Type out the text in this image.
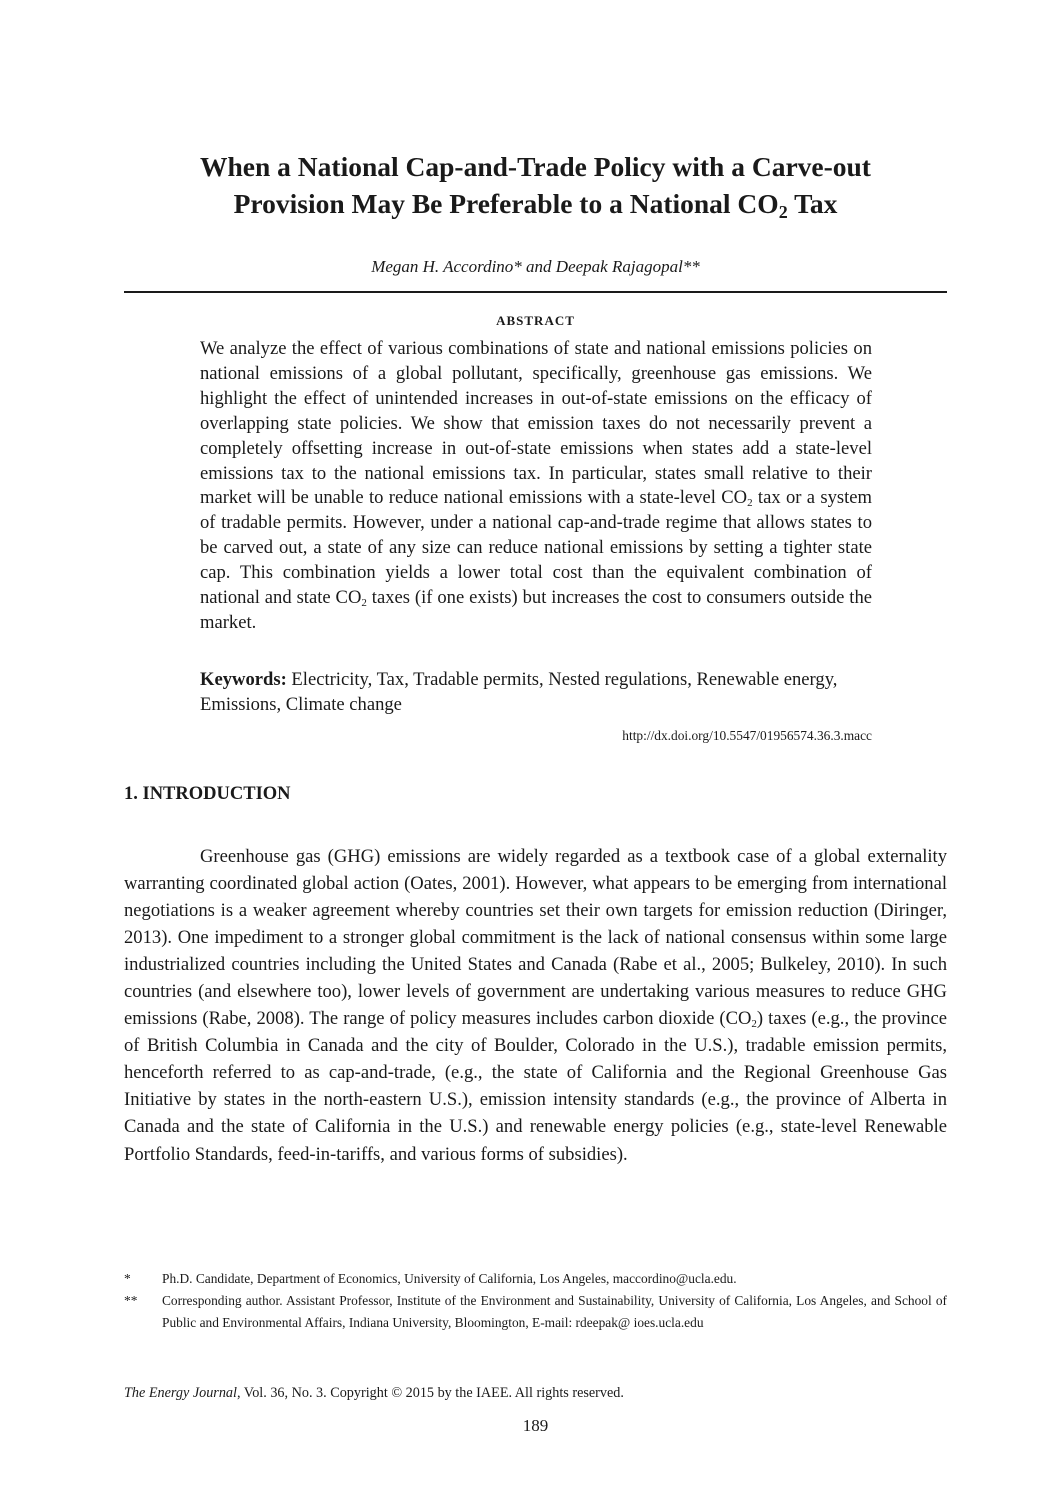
When a National Cap-and-Trade Policy with a Carve-out
Provision May Be Preferable to a National $CO_2$ Tax
Megan H. Accordino* and Deepak Rajagopal**
ABSTRACT

We analyze the effect of various combinations of state and national emissions policies on national emissions of a global pollutant, specifically, greenhouse gas emissions. We highlight the effect of unintended increases in out-of-state emissions on the efficacy of overlapping state policies. We show that emission taxes do not necessarily prevent a completely offsetting increase in out-of-state emissions when states add a state-level emissions tax to the national emissions tax. In particular, states small relative to their market will be unable to reduce national emissions with a state-level $CO_2$ tax or a system of tradable permits. However, under a national cap-and-trade regime that allows states to be carved out, a state of any size can reduce national emissions by setting a tighter state cap. This combination yields a lower total cost than the equivalent combination of national and state $CO_2$ taxes (if one exists) but increases the cost to consumers outside the market.

Keywords: Electricity, Tax, Tradable permits, Nested regulations, Renewable energy, Emissions, Climate change
http://dx.doi.org/10.5547/01956574.36.3.macc
1. INTRODUCTION

Greenhouse gas (GHG) emissions are widely regarded as a textbook case of a global externality warranting coordinated global action (Oates, 2001). However, what appears to be emerging from international negotiations is a weaker agreement whereby countries set their own targets for emission reduction (Diringer, 2013). One impediment to a stronger global commitment is the lack of national consensus within some large industrialized countries including the United States and Canada (Rabe et al., 2005; Bulkeley, 2010). In such countries (and elsewhere too), lower levels of government are undertaking various measures to reduce GHG emissions (Rabe, 2008). The range of policy measures includes carbon dioxide $(CO_2)$ taxes (e.g., the province of British Columbia in Canada and the city of Boulder, Colorado in the U.S.), tradable emission permits, henceforth referred to as cap-and-trade, (e.g., the state of California and the Regional Greenhouse Gas Initiative by states in the north-eastern U.S.), emission intensity standards (e.g., the province of Alberta in Canada and the state of California in the U.S.) and renewable energy policies (e.g., state-level Renewable Portfolio Standards, feed-in-tariffs, and various forms of subsidies).

*	Ph.D. Candidate, Department of Economics, University of California, Los Angeles, maccordino@ucla.edu.
**	Corresponding author. Assistant Professor, Institute of the Environment and Sustainability, University of California, Los Angeles, and School of Public and Environmental Affairs, Indiana University, Bloomington, E-mail: rdeepak@ ioes.ucla.edu
The Energy Journal, Vol. 36, No. 3. Copyright © 2015 by the IAEE. All rights reserved.
189
